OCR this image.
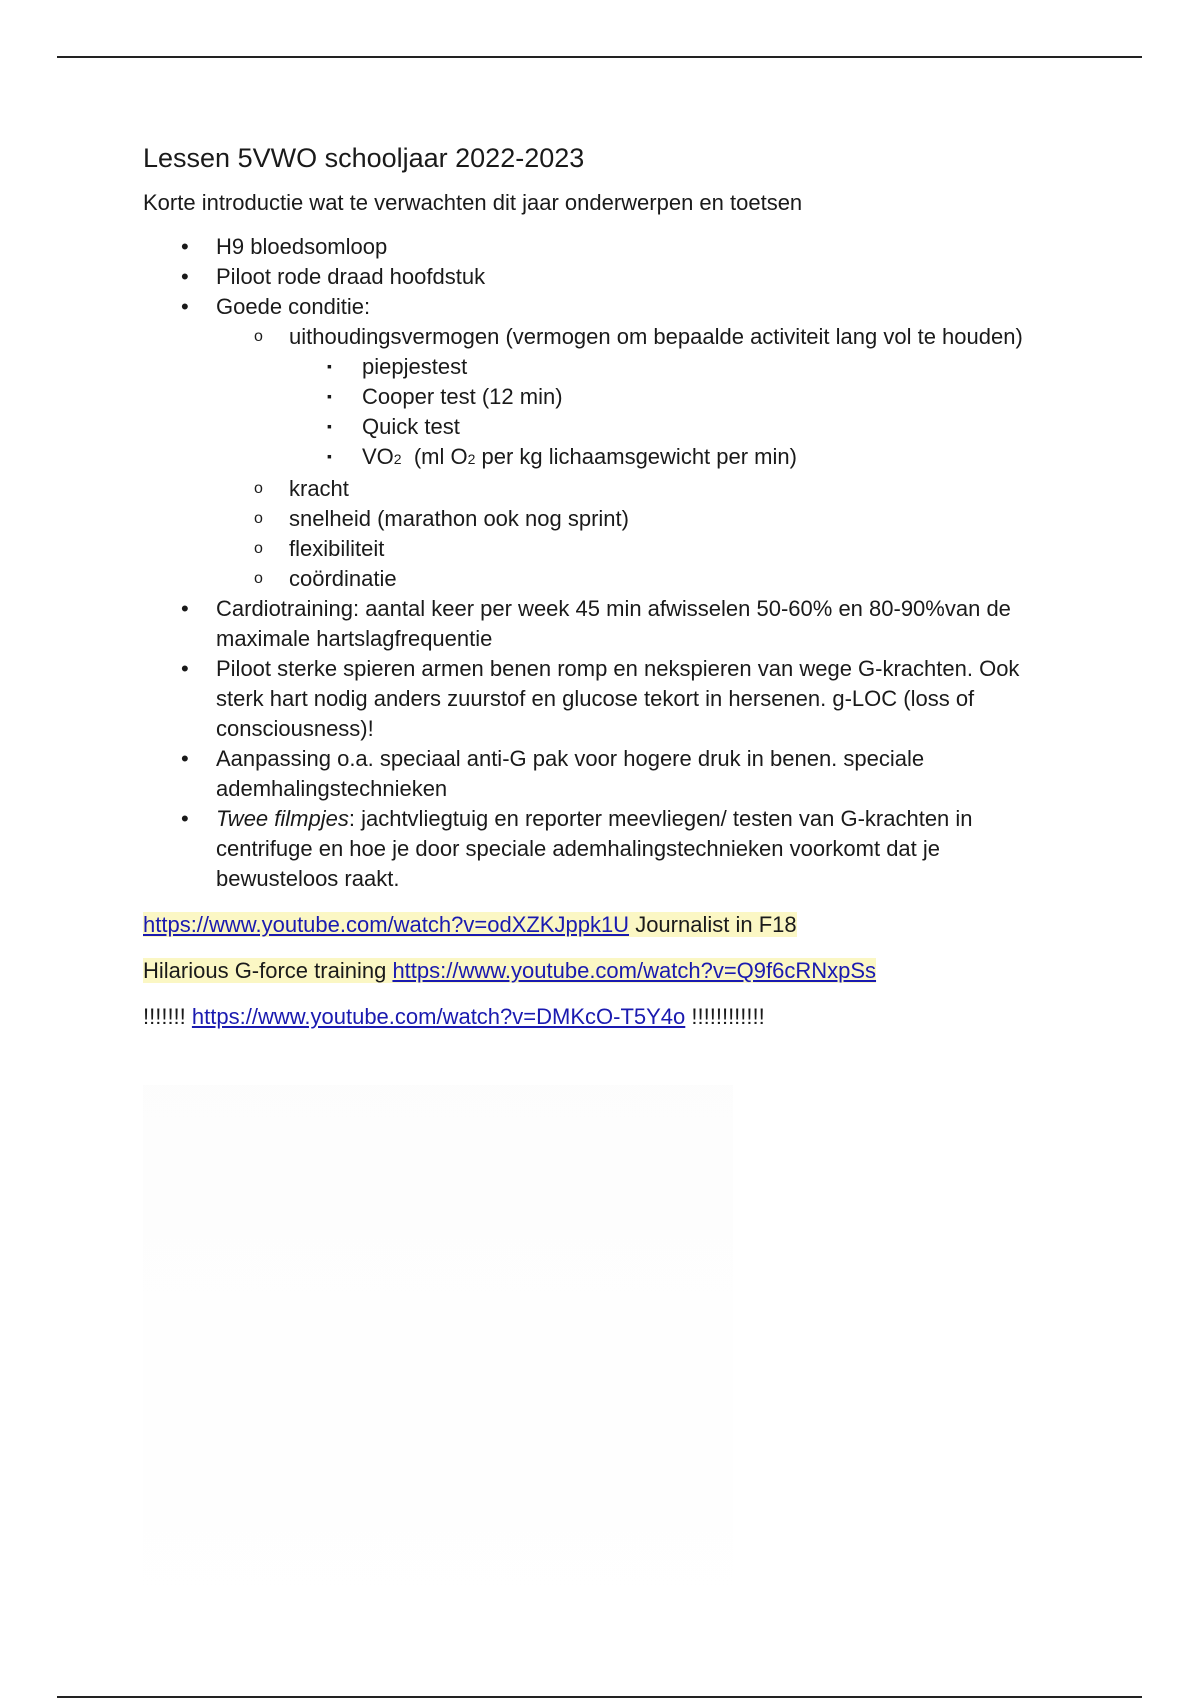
Lessen 5VWO schooljaar 2022-2023

Korte introductie wat te verwachten dit jaar onderwerpen en toetsen

•	H9 bloedsomloop
•	Piloot rode draad hoofdstuk
•	Goede conditie:
o uithoudingsvermogen (vermogen om bepaalde activiteit lang vol te houden)
▪ piepjestest
▪ Cooper test (12 min)
▪ Quick test
▪ VO2  (ml O2 per kg lichaamsgewicht per min)
o kracht
o snelheid (marathon ook nog sprint)
o flexibiliteit
o coördinatie
•	Cardiotraining: aantal keer per week 45 min afwisselen 50-60% en 80-90%van de maximale hartslagfrequentie
•	Piloot sterke spieren armen benen romp en nekspieren van wege G-krachten. Ook sterk hart nodig anders zuurstof en glucose tekort in hersenen. g-LOC (loss of consciousness)!
•	Aanpassing o.a. speciaal anti-G pak voor hogere druk in benen. speciale ademhalingstechnieken
•	Twee filmpjes: jachtvliegtuig en reporter meevliegen/ testen van G-krachten in centrifuge en hoe je door speciale ademhalingstechnieken voorkomt dat je bewusteloos raakt.

https://www.youtube.com/watch?v=odXZKJppk1U Journalist in F18

Hilarious G-force training https://www.youtube.com/watch?v=Q9f6cRNxpSs

!!!!!!! https://www.youtube.com/watch?v=DMKcO-T5Y4o !!!!!!!!!!!!
